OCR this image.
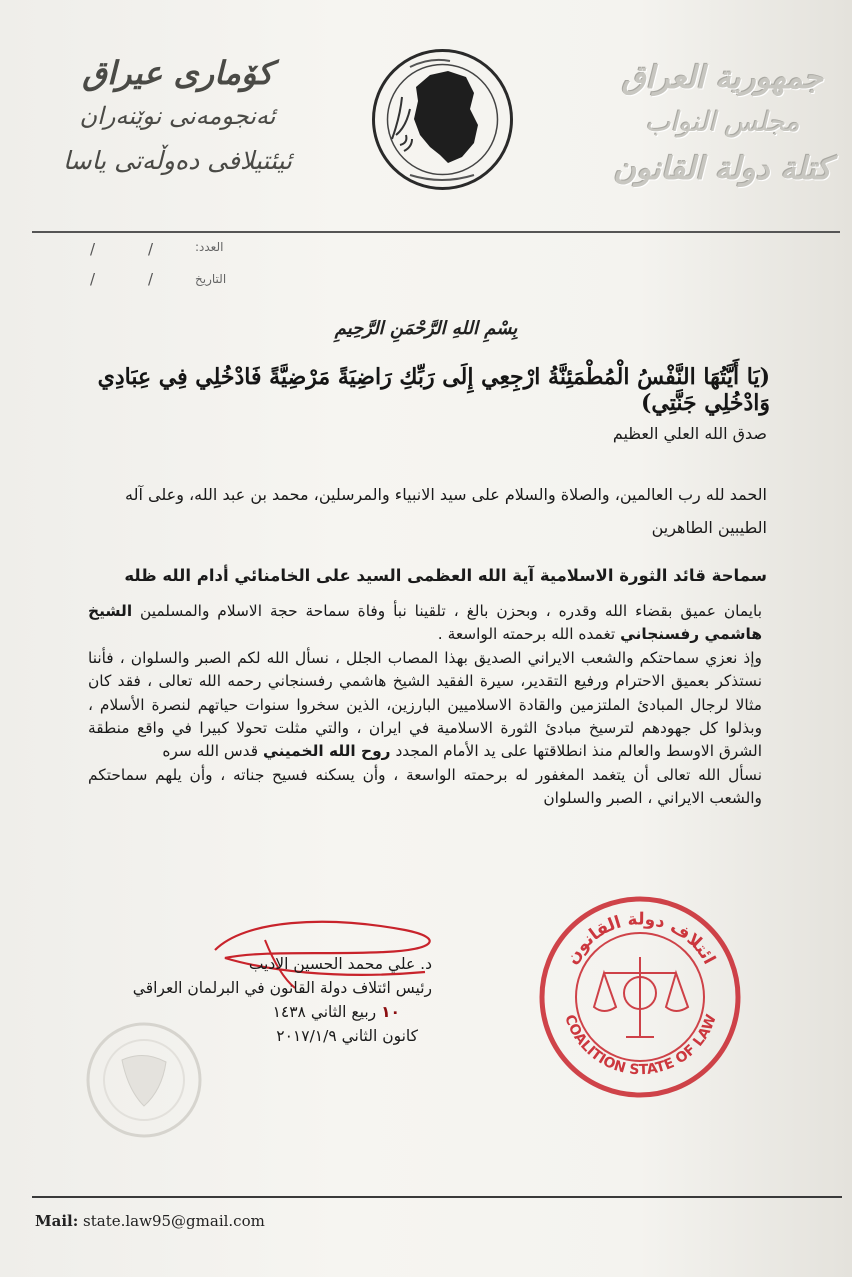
كۆمارى عیراق
ئەنجومەنى نوێنەران
ئیئتیلافى دەوڵەتى یاسا
جمهورية العراق
مجلس النواب
كتلة دولة القانون
العدد:
/
/
التاريخ
/
/
بِسْمِ اللهِ الرَّحْمَنِ الرَّحِيمِ
(يَا أَيَّتُهَا النَّفْسُ الْمُطْمَئِنَّةُ ارْجِعِي إِلَى رَبِّكِ رَاضِيَةً مَرْضِيَّةً فَادْخُلِي فِي عِبَادِي وَادْخُلِي جَنَّتِي)
صدق الله العلي العظيم
الحمد لله رب العالمين، والصلاة والسلام على سيد الانبياء والمرسلين، محمد بن عبد الله، وعلى آله الطيبين الطاهرين
سماحة قائد الثورة الاسلامية آية الله العظمى السيد على الخامنائي أدام الله ظله
بايمان عميق بقضاء الله وقدره ، وبحزن بالغ ، تلقينا نبأ وفاة سماحة حجة الاسلام والمسلمين الشيخ هاشمي رفسنجاني تغمده الله برحمته الواسعة .
وإذ نعزي سماحتكم والشعب الايراني الصديق بهذا المصاب الجلل ، نسأل الله لكم الصبر والسلوان ، فأننا نستذكر بعميق الاحترام ورفيع التقدير، سيرة الفقيد الشيخ هاشمي رفسنجاني رحمه الله تعالى ، فقد كان مثالا لرجال المبادئ الملتزمين والقادة الاسلاميين البارزين، الذين سخروا سنوات حياتهم لنصرة الأسلام ، وبذلوا كل جهودهم لترسيخ مبادئ الثورة الاسلامية في ايران ، والتي مثلت تحولا كبيرا في واقع منطقة الشرق الاوسط والعالم منذ انطلاقتها على يد الأمام المجدد روح الله الخميني قدس الله سره
نسأل الله تعالى أن يتغمد المغفور له برحمته الواسعة ، وأن يسكنه فسيح جناته ، وأن يلهم سماحتكم والشعب الايراني ، الصبر والسلوان
د. علي محمد الحسين الاديب
رئيس ائتلاف دولة القانون في البرلمان العراقي
١٠ ربيع الثاني ١٤٣٨
كانون الثاني ٢٠١٧/١/٩
ائتلاف دولة القانون
COALITION STATE OF LAW
Mail: state.law95@gmail.com
